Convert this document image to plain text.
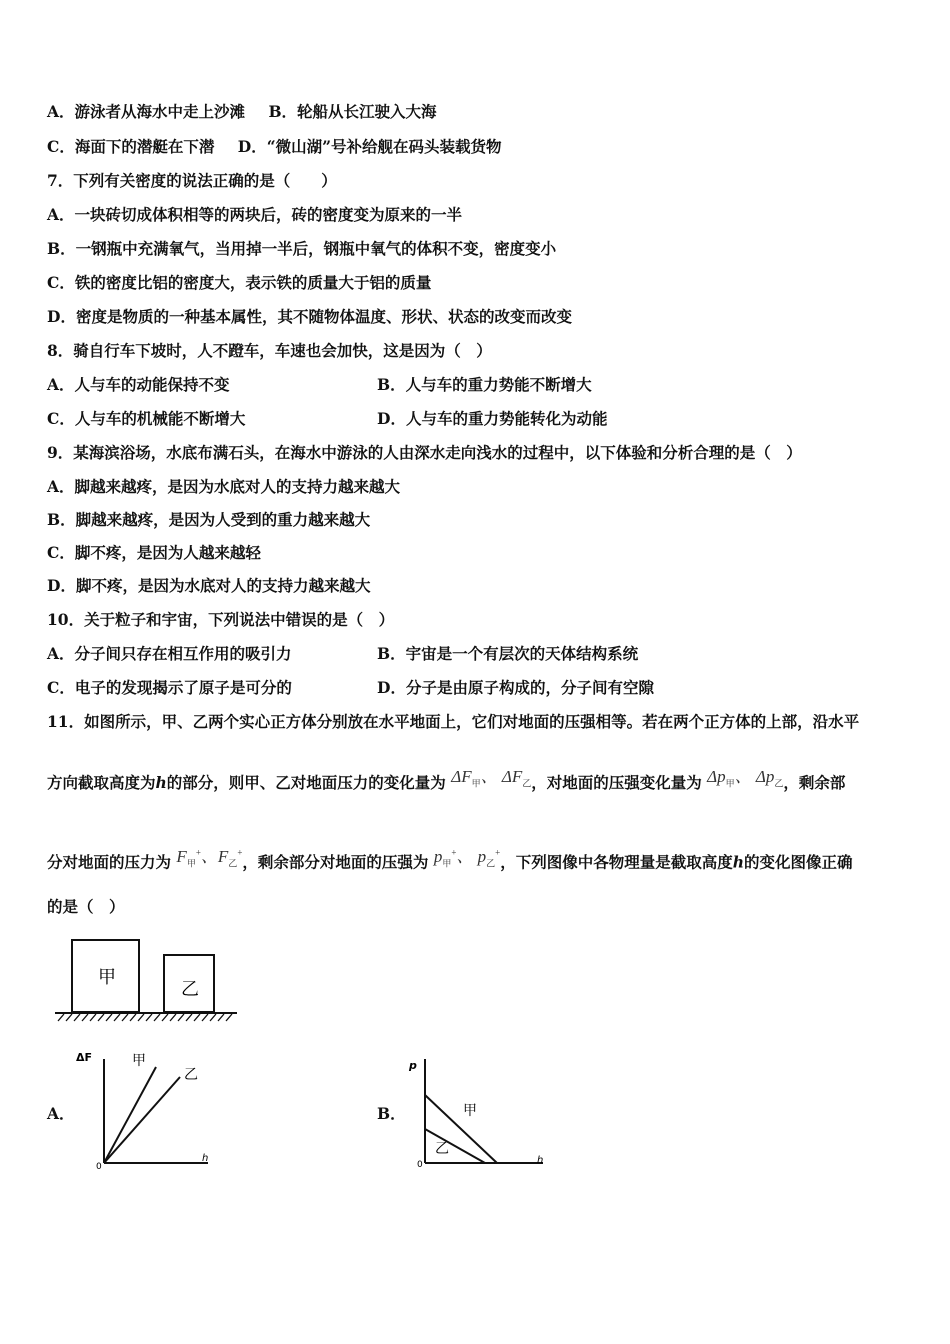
A．游泳者从海水中走上沙滩 B．轮船从长江驶入大海
C．海面下的潜艇在下潜 D．“微山湖”号补给舰在码头装载货物
7．下列有关密度的说法正确的是（　　）
A．一块砖切成体积相等的两块后，砖的密度变为原来的一半
B．一钢瓶中充满氧气，当用掉一半后，钢瓶中氧气的体积不变，密度变小
C．铁的密度比铝的密度大，表示铁的质量大于铝的质量
D．密度是物质的一种基本属性，其不随物体温度、形状、状态的改变而改变
8．骑自行车下坡时，人不蹬车，车速也会加快，这是因为（　）
A．人与车的动能保持不变	B．人与车的重力势能不断增大
C．人与车的机械能不断增大	D．人与车的重力势能转化为动能
9．某海滨浴场，水底布满石头，在海水中游泳的人由深水走向浅水的过程中，以下体验和分析合理的是（　）
A．脚越来越疼，是因为水底对人的支持力越来越大
B．脚越来越疼，是因为人受到的重力越来越大
C．脚不疼，是因为人越来越轻
D．脚不疼，是因为水底对人的支持力越来越大
10．关于粒子和宇宙，下列说法中错误的是（　）
A．分子间只存在相互作用的吸引力	B．宇宙是一个有层次的天体结构系统
C．电子的发现揭示了原子是可分的	D．分子是由原子构成的，分子间有空隙
11．如图所示，甲、乙两个实心正方体分别放在水平地面上，它们对地面的压强相等。若在两个正方体的上部，沿水平
方向截取高度为h的部分，则甲、乙对地面压力的变化量为 $\Delta F_甲$、 $\Delta F_乙$，对地面的压强变化量为 $\Delta p_甲$、 $\Delta p_乙$，剩余部
分对地面的压力为 $F_甲^+$、$F_乙^+$，剩余部分对地面的压强为 $p_甲^+$、 $p_乙^+$，下列图像中各物理量是截取高度h的变化图像正确
的是（　）
甲
乙
A．
ΔF
h
0
甲
乙
B．
p
h
0
甲
乙
